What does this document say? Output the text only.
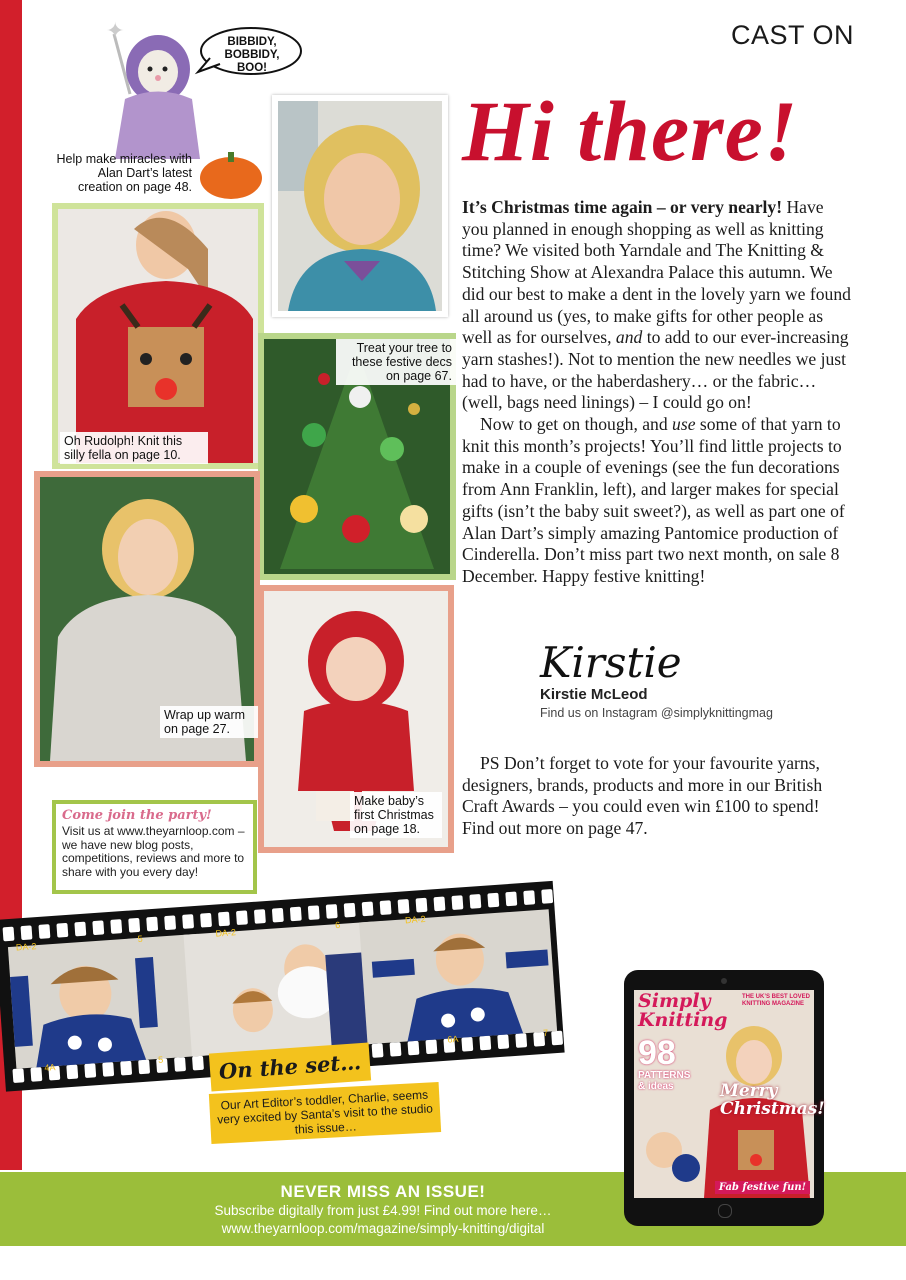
CAST ON
✦	BIBBIDY, BOBBIDY, BOO!
Help make miracles with Alan Dart’s latest creation on page 48.
Oh Rudolph! Knit this silly fella on page 10.
Treat your tree to these festive decs on page 67.
Wrap up warm on page 27.
Make baby’s first Christmas on page 18.
Come join the party!
Visit us at www.theyarnloop.com – we have new blog posts, competitions, reviews and more to share with you every day!
Hi there!

It’s Christmas time again – or very nearly! Have you planned in enough shopping as well as knitting time? We visited both Yarndale and The Knitting & Stitching Show at Alexandra Palace this autumn. We did our best to make a dent in the lovely yarn we found all around us (yes, to make gifts for other people as well as for ourselves, and to add to our ever-increasing yarn stashes!). Not to mention the new needles we just had to have, or the haberdashery… or the fabric… (well, bags need linings) – I could go on!

Now to get on though, and use some of that yarn to knit this month’s projects! You’ll find little projects to make in a couple of evenings (see the fun decorations from Ann Franklin, left), and larger makes for special gifts (isn’t the baby suit sweet?), as well as part one of Alan Dart’s simply amazing Pantomice production of Cinderella. Don’t miss part two next month, on sale 8 December. Happy festive knitting!

Kirstie
Kirstie McLeod
Find us on Instagram @simplyknittingmag
PS Don’t forget to vote for your favourite yarns, designers, brands, products and more in our British Craft Awards – you could even win £100 to spend! Find out more on page 47.
DA-2
5
DA-2
6	DA-2
4A
5
6A
7
On the set…
Our Art Editor’s toddler, Charlie, seems very excited by Santa’s visit to the studio this issue…
NEVER MISS AN ISSUE!
Subscribe digitally from just £4.99! Find out more here…
www.theyarnloop.com/magazine/simply-knitting/digital
Simply Knitting
THE UK’S BEST LOVED KNITTING MAGAZINE
98
PATTERNS & ideas	Merry Christmas!
Fab festive fun!
